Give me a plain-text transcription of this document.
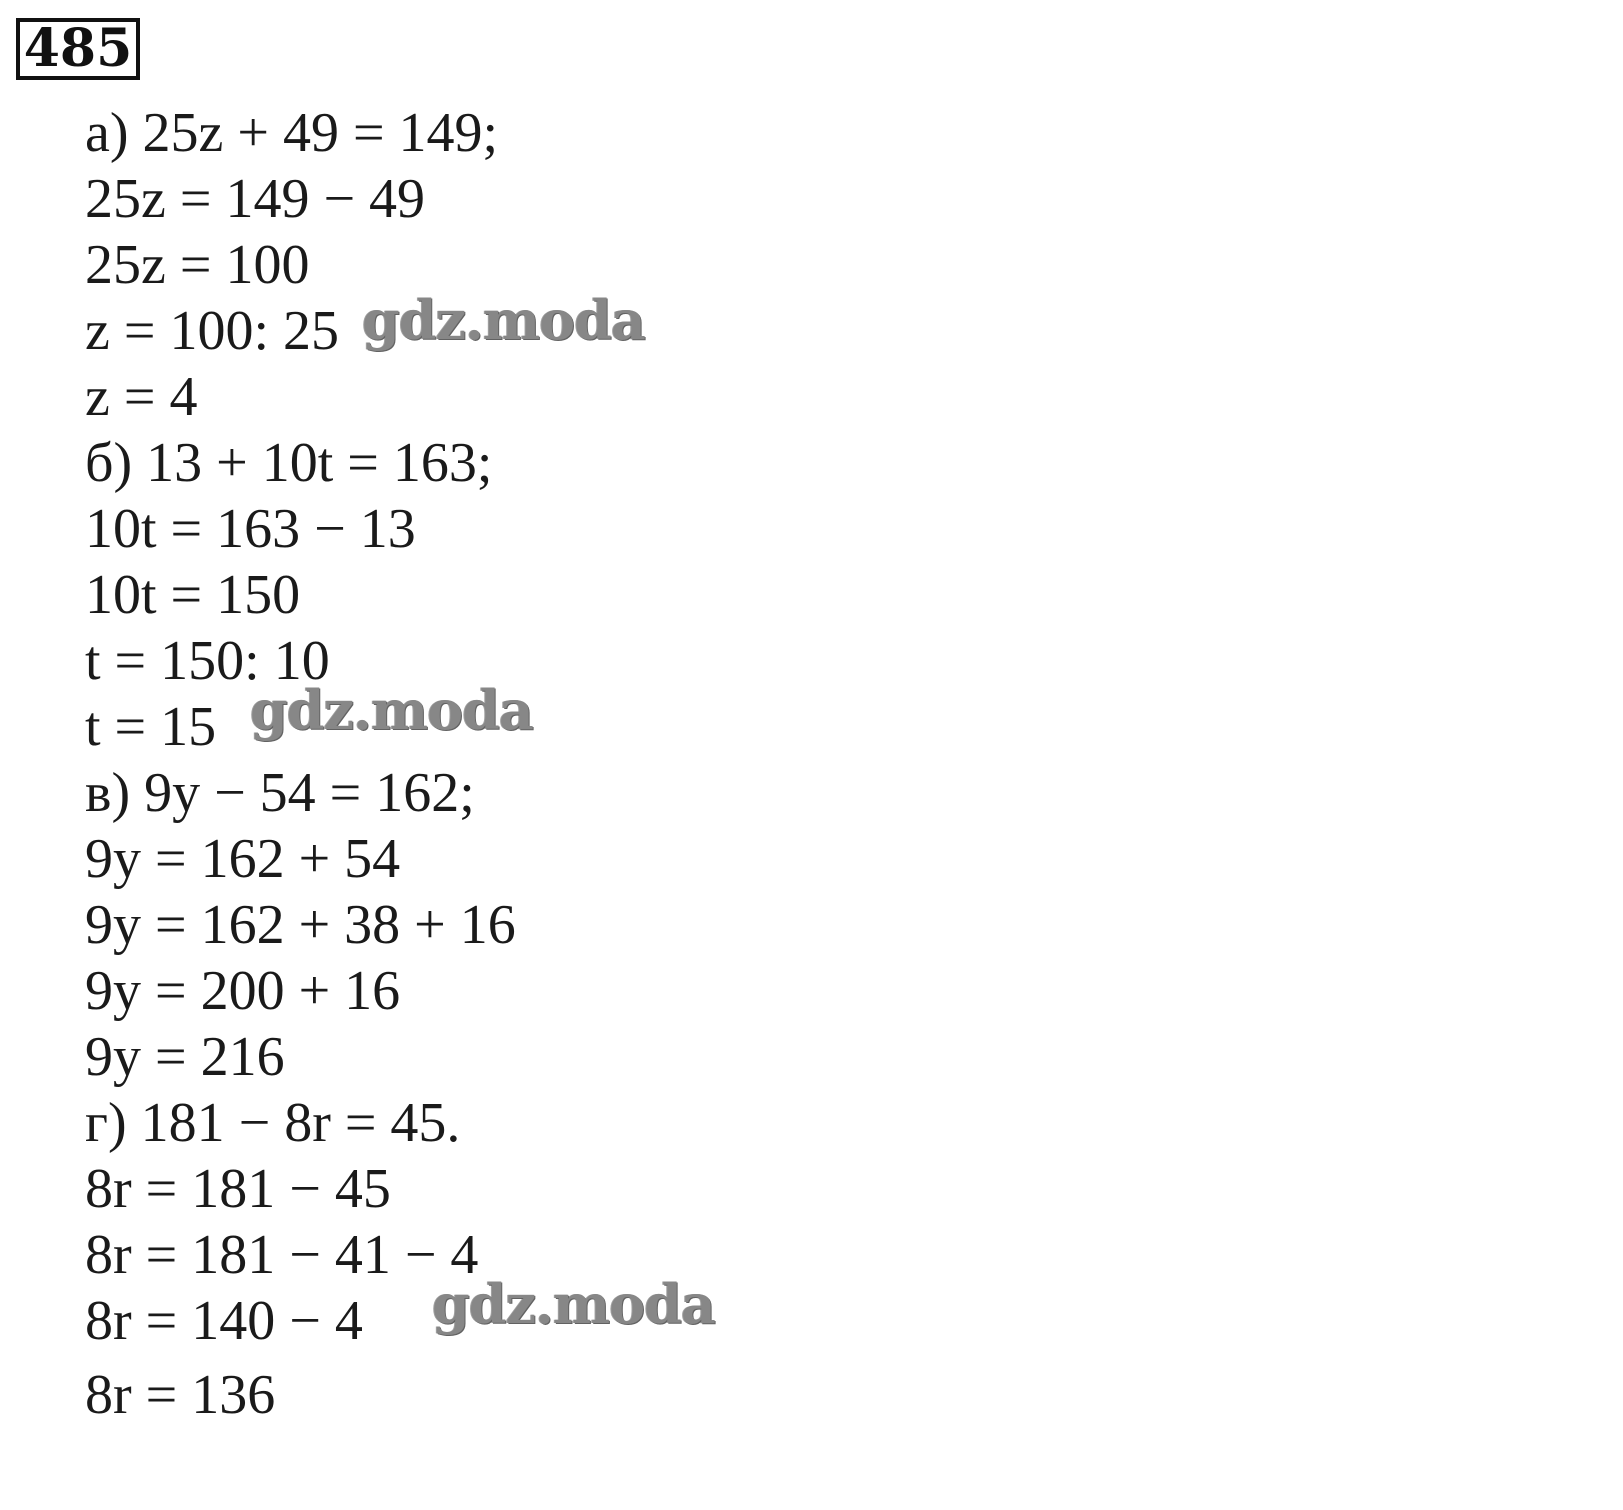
485
а) 25z + 49 = 149;
25z = 149 − 49
25z = 100
z = 100: 25
z = 4
б) 13 + 10t = 163;
10t = 163 − 13
10t = 150
t = 150: 10
t = 15
в) 9y − 54 = 162;
9y = 162 + 54
9y = 162 + 38 + 16
9y = 200 + 16
9y = 216
г) 181 − 8r = 45.
8r = 181 − 45
8r = 181 − 41 − 4
8r = 140 − 4
8r = 136
gdz.moda
gdz.moda
gdz.moda
